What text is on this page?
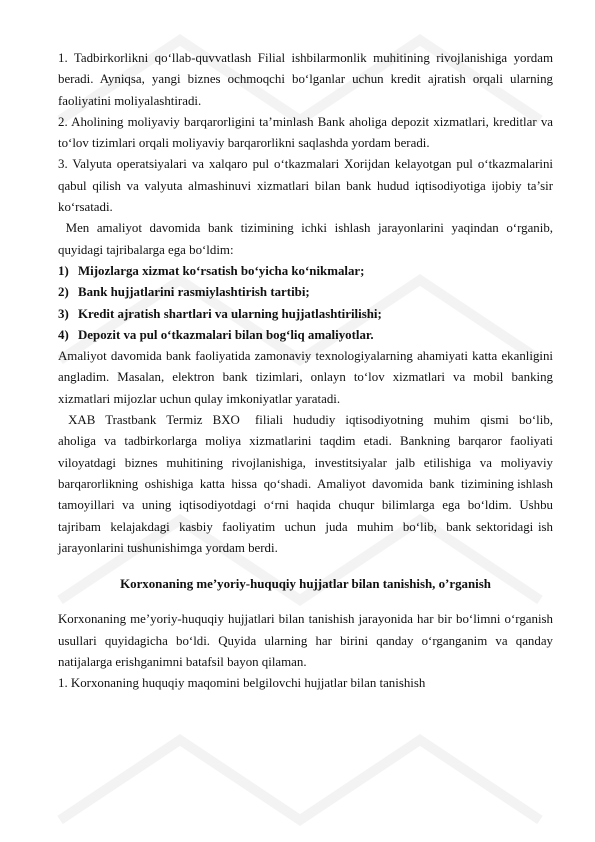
1. Tadbirkorlikni qo‘llab-quvvatlash Filial ishbilarmonlik muhitining rivojlanishiga yordam beradi. Ayniqsa, yangi biznes ochmoqchi bo‘lganlar uchun kredit ajratish orqali ularning faoliyatini moliyalashtiradi.

2. Aholining moliyaviy barqarorligini ta’minlash Bank aholiga depozit xizmatlari, kreditlar va to‘lov tizimlari orqali moliyaviy barqarorlikni saqlashda yordam beradi.

3. Valyuta operatsiyalari va xalqaro pul o‘tkazmalari Xorijdan kelayotgan pul o‘tkazmalarini qabul qilish va valyuta almashinuvi xizmatlari bilan bank hudud iqtisodiyotiga ijobiy ta’sir ko‘rsatadi.

Men amaliyot davomida bank tizimining ichki ishlash jarayonlarini yaqindan o‘rganib, quyidagi tajribalarga ega bo‘ldim:

1) Mijozlarga xizmat ko‘rsatish bo‘yicha ko‘nikmalar;
2) Bank hujjatlarini rasmiylashtirish tartibi;
3) Kredit ajratish shartlari va ularning hujjatlashtirilishi;
4) Depozit va pul o‘tkazmalari bilan bog‘liq amaliyotlar.

Amaliyot davomida bank faoliyatida zamonaviy texnologiyalarning ahamiyati katta ekanligini angladim. Masalan, elektron bank tizimlari, onlayn to‘lov xizmatlari va mobil banking xizmatlari mijozlar uchun qulay imkoniyatlar yaratadi.

XAB  Trastbank  Termiz  BXO   filiali  hududiy  iqtisodiyotning  muhim  qismi  bo‘lib, aholiga va tadbirkorlarga moliya xizmatlarini taqdim etadi. Bankning barqaror faoliyati viloyatdagi biznes muhitining rivojlanishiga, investitsiyalar jalb etilishiga va moliyaviy barqarorlikning  oshishiga  katta  hissa  qo‘shadi.  Amaliyot  davomida  bank  tizimining ishlash tamoyillari va uning iqtisodiyotdagi o‘rni haqida chuqur bilimlarga ega bo‘ldim. Ushbu  tajribam  kelajakdagi  kasbiy  faoliyatim  uchun  juda  muhim  bo‘lib,  bank sektoridagi ish jarayonlarini tushunishimga yordam berdi.

Korxonaning me’yoriy-huquqiy hujjatlar bilan tanishish, o’rganish

Korxonaning me’yoriy-huquqiy hujjatlari bilan tanishish jarayonida har bir bo‘limni o‘rganish usullari quyidagicha bo‘ldi. Quyida ularning har birini qanday o‘rganganim va qanday natijalarga erishganimni batafsil bayon qilaman.

1. Korxonaning huquqiy maqomini belgilovchi hujjatlar bilan tanishish
